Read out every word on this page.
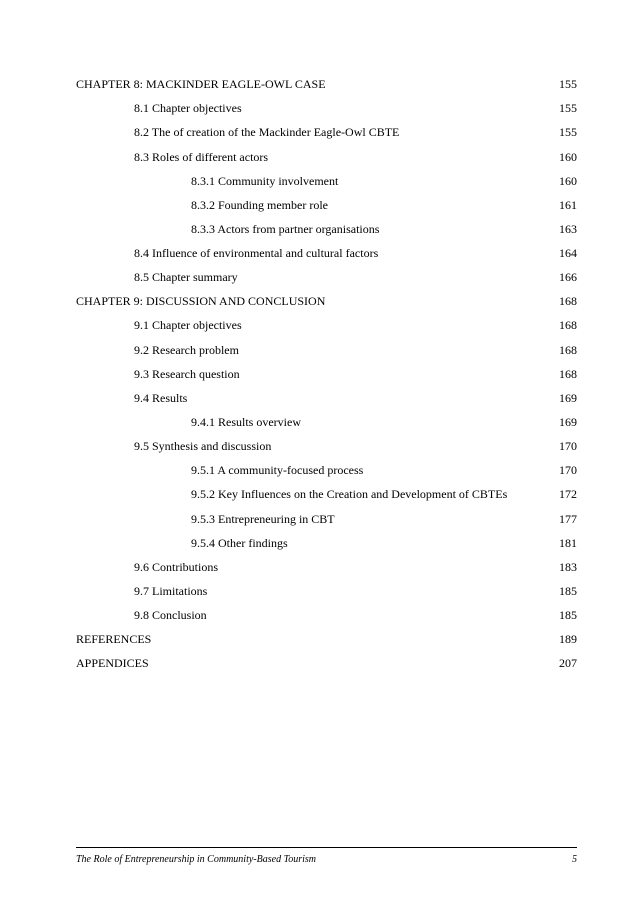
CHAPTER 8: MACKINDER EAGLE-OWL CASE	155
8.1 Chapter objectives	155
8.2 The of creation of the Mackinder Eagle-Owl CBTE	155
8.3 Roles of different actors	160
8.3.1 Community involvement	160
8.3.2 Founding member role	161
8.3.3 Actors from partner organisations	163
8.4 Influence of environmental and cultural factors	164
8.5 Chapter summary	166
CHAPTER 9: DISCUSSION AND CONCLUSION	168
9.1 Chapter objectives	168
9.2 Research problem	168
9.3 Research question	168
9.4 Results	169
9.4.1 Results overview	169
9.5 Synthesis and discussion	170
9.5.1 A community-focused process	170
9.5.2 Key Influences on the Creation and Development of CBTEs	172
9.5.3 Entrepreneuring in CBT	177
9.5.4 Other findings	181
9.6 Contributions	183
9.7 Limitations	185
9.8 Conclusion	185
REFERENCES	189
APPENDICES	207
The Role of Entrepreneurship in Community-Based Tourism	5
